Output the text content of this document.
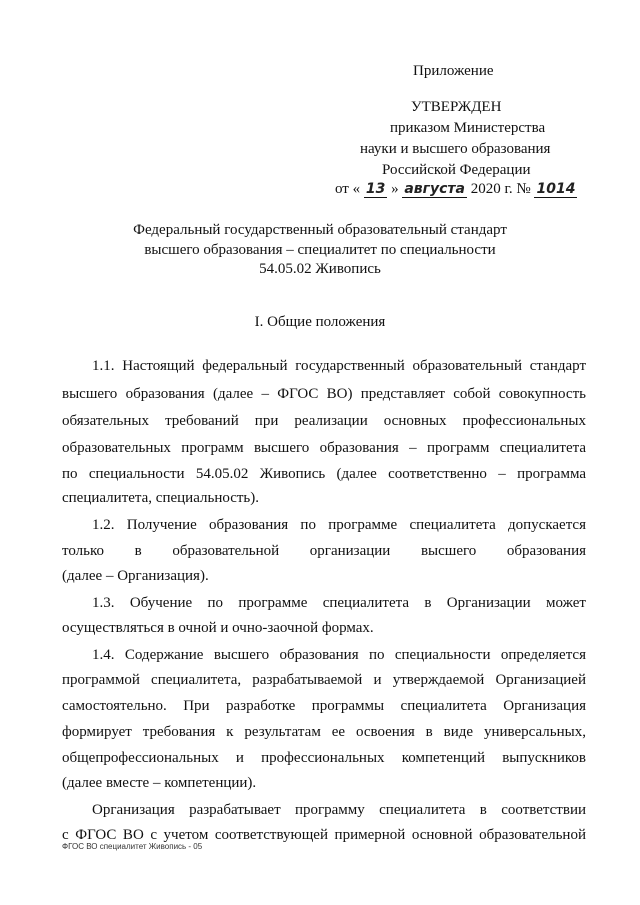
Приложение
УТВЕРЖДЕН
приказом Министерства
науки и высшего образования
Российской Федерации
от « 13 » августа 2020 г. № 1014
Федеральный государственный образовательный стандарт
высшего образования – специалитет по специальности
54.05.02 Живопись
I. Общие положения
1.1. Настоящий федеральный государственный образовательный стандарт
высшего образования (далее – ФГОС ВО) представляет собой совокупность
обязательных требований при реализации основных профессиональных
образовательных программ высшего образования – программ специалитета
по специальности 54.05.02 Живопись (далее соответственно – программа
специалитета, специальность).
1.2. Получение образования по программе специалитета допускается
только в образовательной организации высшего образования
(далее – Организация).
1.3. Обучение по программе специалитета в Организации может
осуществляться в очной и очно-заочной формах.
1.4. Содержание высшего образования по специальности определяется
программой специалитета, разрабатываемой и утверждаемой Организацией
самостоятельно. При разработке программы специалитета Организация
формирует требования к результатам ее освоения в виде универсальных,
общепрофессиональных и профессиональных компетенций выпускников
(далее вместе – компетенции).
Организация разрабатывает программу специалитета в соответствии
с ФГОС ВО с учетом соответствующей примерной основной образовательной
ФГОС ВО специалитет Живопись - 05
